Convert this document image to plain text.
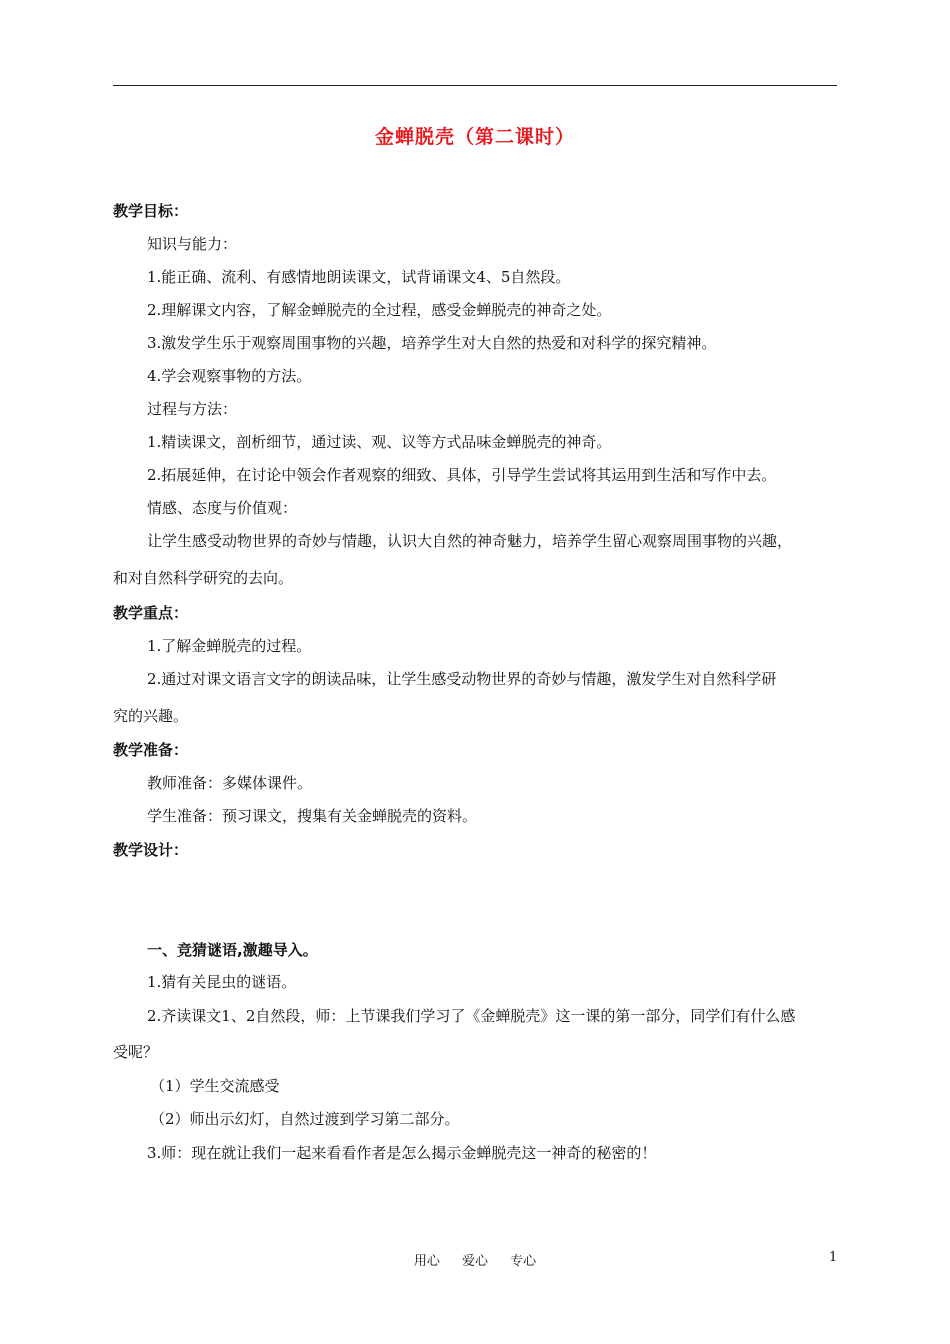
金蝉脱壳（第二课时）
教学目标：
知识与能力：
1.能正确、流利、有感情地朗读课文，试背诵课文4、5自然段。
2.理解课文内容，了解金蝉脱壳的全过程，感受金蝉脱壳的神奇之处。
3.激发学生乐于观察周围事物的兴趣，培养学生对大自然的热爱和对科学的探究精神。
4.学会观察事物的方法。
过程与方法：
1.精读课文，剖析细节，通过读、观、议等方式品味金蝉脱壳的神奇。
2.拓展延伸，在讨论中领会作者观察的细致、具体，引导学生尝试将其运用到生活和写作中去。
情感、态度与价值观：
让学生感受动物世界的奇妙与情趣，认识大自然的神奇魅力，培养学生留心观察周围事物的兴趣，
和对自然科学研究的去向。
教学重点：
1.了解金蝉脱壳的过程。
2.通过对课文语言文字的朗读品味，让学生感受动物世界的奇妙与情趣，激发学生对自然科学研
究的兴趣。
教学准备：
教师准备：多媒体课件。
学生准备：预习课文，搜集有关金蝉脱壳的资料。
教学设计：
一、竞猜谜语,激趣导入。
1.猜有关昆虫的谜语。
2.齐读课文1、2自然段，师：上节课我们学习了《金蝉脱壳》这一课的第一部分，同学们有什么感
受呢？
（1）学生交流感受
（2）师出示幻灯，自然过渡到学习第二部分。
3.师：现在就让我们一起来看看作者是怎么揭示金蝉脱壳这一神奇的秘密的！
用心 爱心 专心	1
